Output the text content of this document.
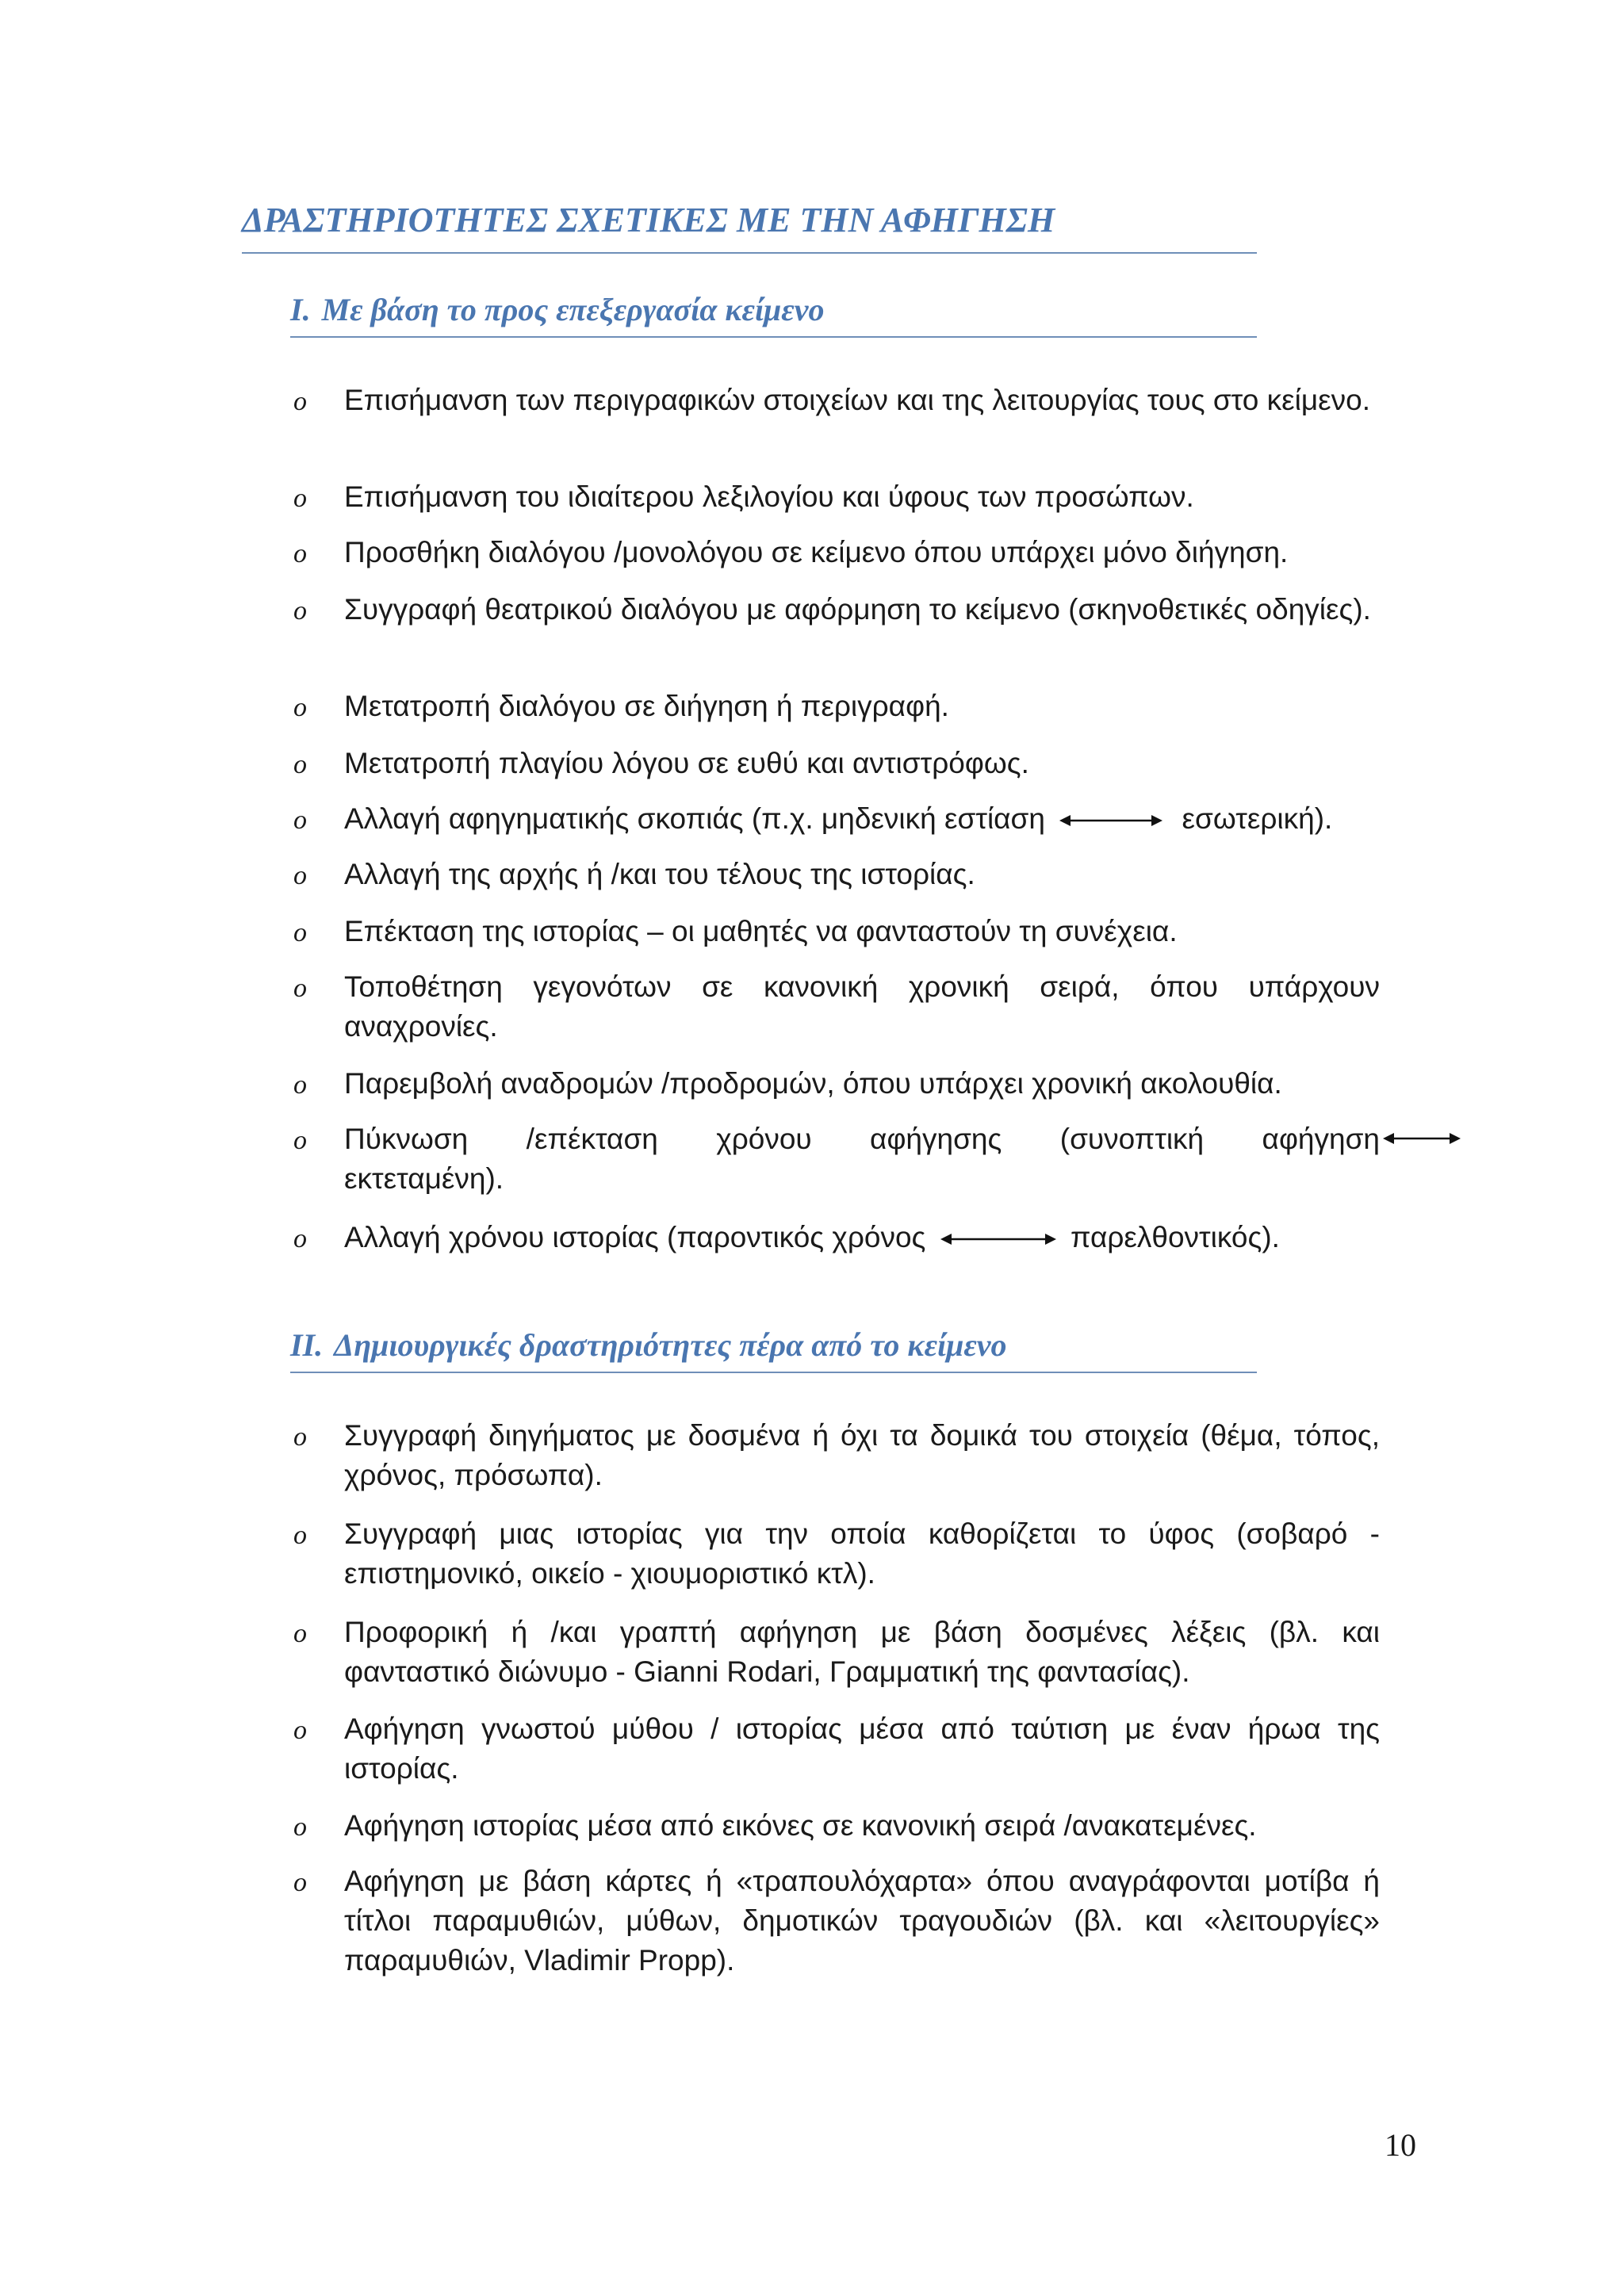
ΔΡΑΣΤΗΡΙΟΤΗΤΕΣ ΣΧΕΤΙΚΕΣ ΜΕ ΤΗΝ ΑΦΗΓΗΣΗ
I. Με βάση το προς επεξεργασία κείμενο
o Επισήμανση των περιγραφικών στοιχείων και της λειτουργίας τους στο κείμενο.
o Επισήμανση του ιδιαίτερου λεξιλογίου και ύφους των προσώπων.
o Προσθήκη διαλόγου /μονολόγου σε κείμενο όπου υπάρχει μόνο διήγηση.
o Συγγραφή θεατρικού διαλόγου με αφόρμηση το κείμενο (σκηνοθετικές οδηγίες).
o Μετατροπή διαλόγου σε διήγηση ή περιγραφή.
o Μετατροπή πλαγίου λόγου σε ευθύ και αντιστρόφως.
o Αλλαγή αφηγηματικής σκοπιάς (π.χ. μηδενική εστίαση	εσωτερική).
o Αλλαγή της αρχής ή /και του τέλους της ιστορίας.
o Επέκταση της ιστορίας – οι μαθητές να φανταστούν τη συνέχεια.
o Τοποθέτηση γεγονότων σε κανονική χρονική σειρά, όπου υπάρχουν αναχρονίες.
o Παρεμβολή αναδρομών /προδρομών, όπου υπάρχει χρονική ακολουθία.
o Πύκνωση /επέκταση χρόνου αφήγησης (συνοπτική αφήγηση
εκτεταμένη).
o Αλλαγή χρόνου ιστορίας (παροντικός χρόνος	παρελθοντικός).
II. Δημιουργικές δραστηριότητες πέρα από το κείμενο
o Συγγραφή διηγήματος με δοσμένα ή όχι τα δομικά του στοιχεία (θέμα, τόπος, χρόνος, πρόσωπα).
o Συγγραφή μιας ιστορίας για την οποία καθορίζεται το ύφος (σοβαρό - επιστημονικό, οικείο - χιουμοριστικό κτλ).
o Προφορική ή /και γραπτή αφήγηση με βάση δοσμένες λέξεις (βλ. και φανταστικό διώνυμο - Gianni Rodari, Γραμματική της φαντασίας).
o Αφήγηση γνωστού μύθου / ιστορίας μέσα από ταύτιση με έναν ήρωα της ιστορίας.
o Αφήγηση ιστορίας μέσα από εικόνες σε κανονική σειρά /ανακατεμένες.
o Αφήγηση με βάση κάρτες ή «τραπουλόχαρτα» όπου αναγράφονται μοτίβα ή τίτλοι παραμυθιών, μύθων, δημοτικών τραγουδιών (βλ. και «λειτουργίες» παραμυθιών, Vladimir Propp).
10
